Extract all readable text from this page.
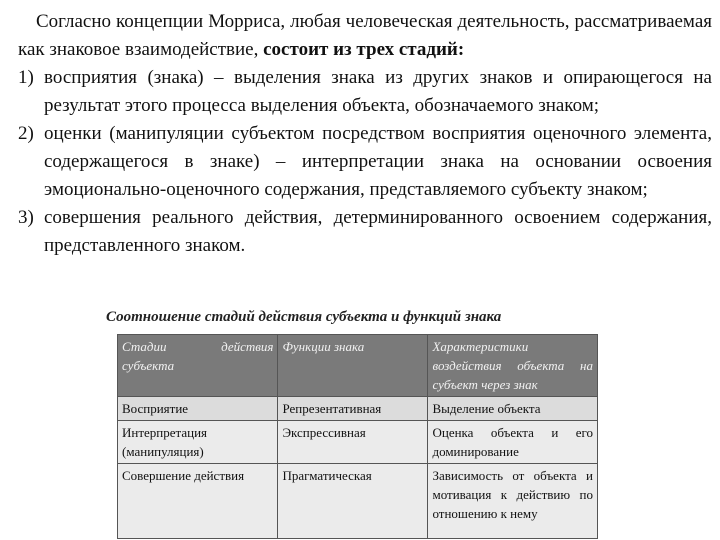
Согласно концепции Морриса, любая человеческая деятельность, рассматриваемая как знаковое взаимодействие, состоит из трех стадий:

1) восприятия (знака) – выделения знака из других знаков и опирающегося на результат этого процесса выделения объекта, обозначаемого знаком;
2) оценки (манипуляции субъектом посредством восприятия оценочного элемента, содержащегося в знаке) – интерпретации знака на основании освоения эмоционально-оценочного содержания, представляемого субъекту знаком;
3) совершения реального действия, детерминированного освоением содержания, представленного знаком.
Соотношение стадий действия субъекта и функций знака
Стадии действия субъекта	Функции знака	Характеристики воздействия объекта на субъект через знак
Восприятие	Репрезентативная	Выделение объекта
Интерпретация (манипуляция)	Экспрессивная	Оценка объекта и его доминирование
Совершение действия	Прагматическая	Зависимость от объекта и мотивация к действию по отношению к нему
